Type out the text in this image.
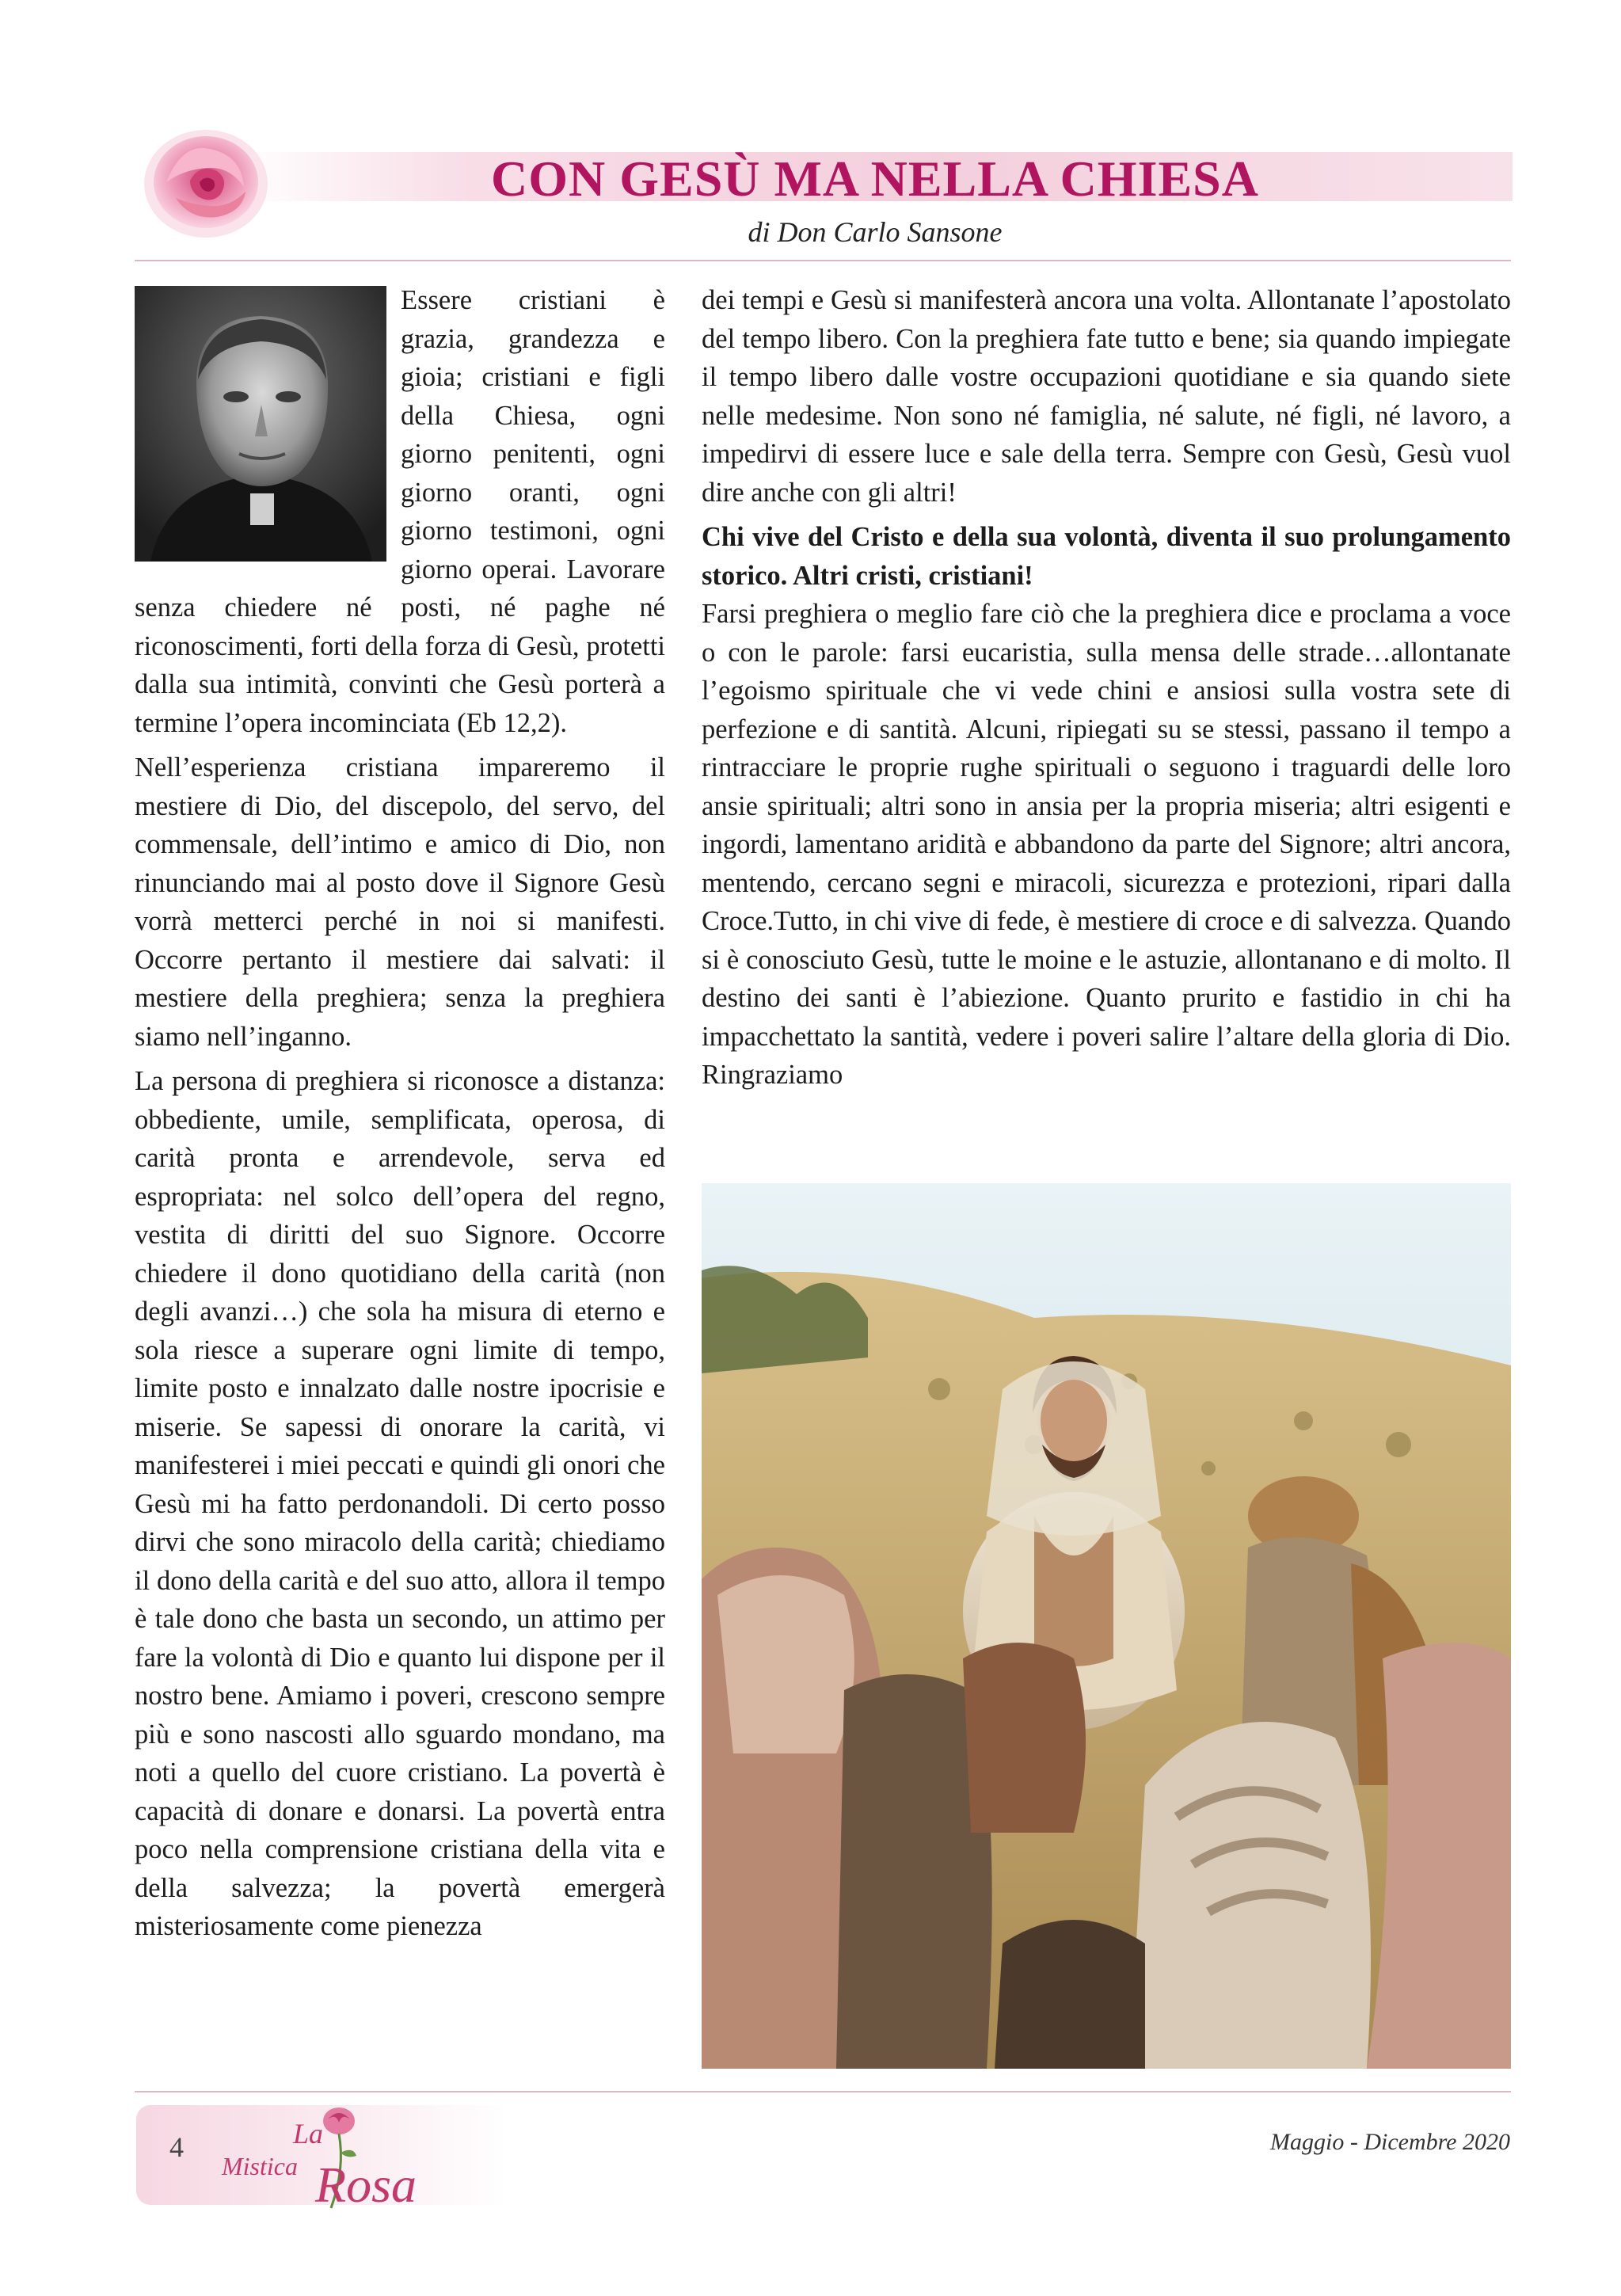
CON GESÙ MA NELLA CHIESA
di Don Carlo Sansone

Essere cristiani è grazia, grandezza e gioia; cristiani e figli della Chiesa, ogni giorno penitenti, ogni giorno oranti, ogni giorno testimoni, ogni giorno operai. Lavorare senza chiedere né posti, né paghe né riconoscimenti, forti della forza di Gesù, protetti dalla sua intimità, convinti che Gesù porterà a termine l’opera incominciata (Eb 12,2).

Nell’esperienza cristiana impareremo il mestiere di Dio, del discepolo, del servo, del commensale, dell’intimo e amico di Dio, non rinunciando mai al posto dove il Signore Gesù vorrà metterci perché in noi si manifesti. Occorre pertanto il mestiere dai salvati: il mestiere della preghiera; senza la preghiera siamo nell’inganno.

La persona di preghiera si riconosce a distanza: obbediente, umile, semplificata, operosa, di carità pronta e arrendevole, serva ed espropriata: nel solco dell’opera del regno, vestita di diritti del suo Signore. Occorre chiedere il dono quotidiano della carità (non degli avanzi…) che sola ha misura di eterno e sola riesce a superare ogni limite di tempo, limite posto e innalzato dalle nostre ipocrisie e miserie. Se sapessi di onorare la carità, vi manifesterei i miei peccati e quindi gli onori che Gesù mi ha fatto perdonandoli. Di certo posso dirvi che sono miracolo della carità; chiediamo il dono della carità e del suo atto, allora il tempo è tale dono che basta un secondo, un attimo per fare la volontà di Dio e quanto lui dispone per il nostro bene. Amiamo i poveri, crescono sempre più e sono nascosti allo sguardo mondano, ma noti a quello del cuore cristiano. La povertà è capacità di donare e donarsi. La povertà entra poco nella comprensione cristiana della vita e della salvezza; la povertà emergerà misteriosamente come pienezza

dei tempi e Gesù si manifesterà ancora una volta. Allontanate l’apostolato del tempo libero. Con la preghiera fate tutto e bene; sia quando impiegate il tempo libero dalle vostre occupazioni quotidiane e sia quando siete nelle medesime. Non sono né famiglia, né salute, né figli, né lavoro, a impedirvi di essere luce e sale della terra. Sempre con Gesù, Gesù vuol dire anche con gli altri!

Chi vive del Cristo e della sua volontà, diventa il suo prolungamento storico. Altri cristi, cristiani!

Farsi preghiera o meglio fare ciò che la preghiera dice e proclama a voce o con le parole: farsi eucaristia, sulla mensa delle strade…allontanate l’egoismo spirituale che vi vede chini e ansiosi sulla vostra sete di perfezione e di santità. Alcuni, ripiegati su se stessi, passano il tempo a rintracciare le proprie rughe spirituali o seguono i traguardi delle loro ansie spirituali; altri sono in ansia per la propria miseria; altri esigenti e ingordi, lamentano aridità e abbandono da parte del Signore; altri ancora, mentendo, cercano segni e miracoli, sicurezza e protezioni, ripari dalla Croce.Tutto, in chi vive di fede, è mestiere di croce e di salvezza. Quando si è conosciuto Gesù, tutte le moine e le astuzie, allontanano e di molto. Il destino dei santi è l’abiezione. Quanto prurito e fastidio in chi ha impacchettato la santità, vedere i poveri salire l’altare della gloria di Dio. Ringraziamo

4	La
Mistica Rosa
Maggio - Dicembre 2020
